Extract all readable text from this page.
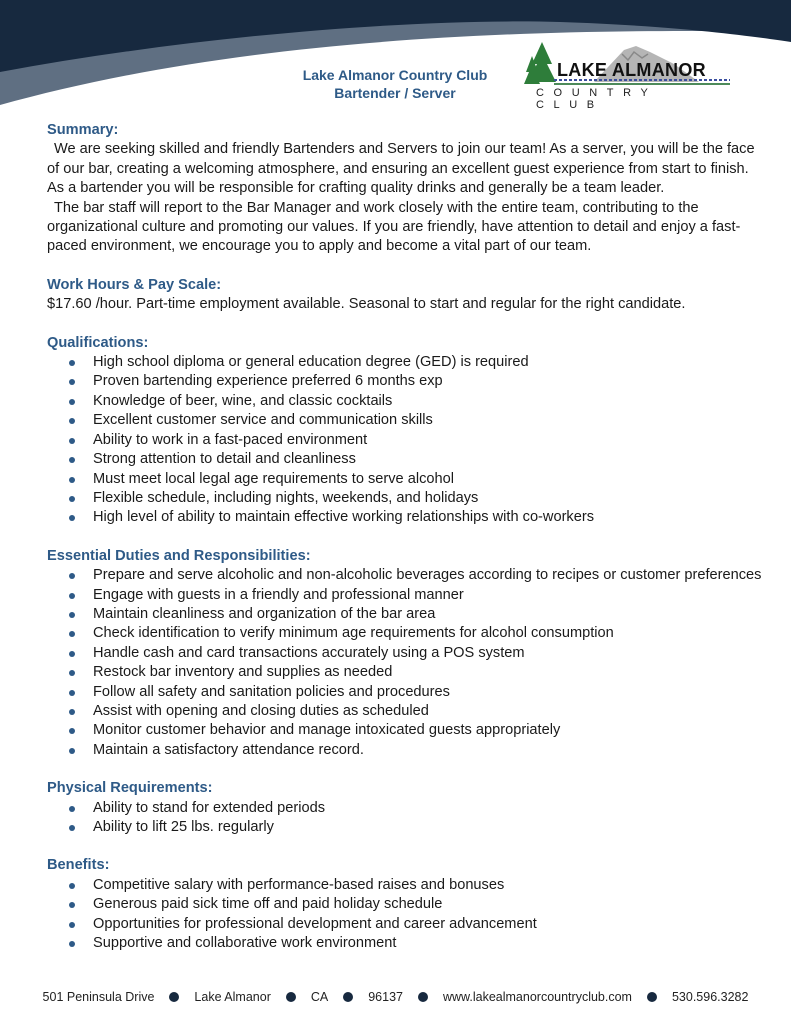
Lake Almanor Country Club
Bartender / Server
LAKE ALMANOR
COUNTRY CLUB
Summary:
We are seeking skilled and friendly Bartenders and Servers to join our team! As a server, you will be the face of our bar, creating a welcoming atmosphere, and ensuring an excellent guest experience from start to finish. As a bartender you will be responsible for crafting quality drinks and generally be a team leader.
The bar staff will report to the Bar Manager and work closely with the entire team, contributing to the organizational culture and promoting our values. If you are friendly, have attention to detail and enjoy a fast-paced environment, we encourage you to apply and become a vital part of our team.
Work Hours & Pay Scale:
$17.60 /hour. Part-time employment available. Seasonal to start and regular for the right candidate.
Qualifications:
High school diploma or general education degree (GED) is required
Proven bartending experience preferred 6 months exp
Knowledge of beer, wine, and classic cocktails
Excellent customer service and communication skills
Ability to work in a fast-paced environment
Strong attention to detail and cleanliness
Must meet local legal age requirements to serve alcohol
Flexible schedule, including nights, weekends, and holidays
High level of ability to maintain effective working relationships with co-workers
Essential Duties and Responsibilities:
Prepare and serve alcoholic and non-alcoholic beverages according to recipes or customer preferences
Engage with guests in a friendly and professional manner
Maintain cleanliness and organization of the bar area
Check identification to verify minimum age requirements for alcohol consumption
Handle cash and card transactions accurately using a POS system
Restock bar inventory and supplies as needed
Follow all safety and sanitation policies and procedures
Assist with opening and closing duties as scheduled
Monitor customer behavior and manage intoxicated guests appropriately
Maintain a satisfactory attendance record.
Physical Requirements:
Ability to stand for extended periods
Ability to lift 25 lbs. regularly
Benefits:
Competitive salary with performance-based raises and bonuses
Generous paid sick time off and paid holiday schedule
Opportunities for professional development and career advancement
Supportive and collaborative work environment
501 Peninsula Drive	Lake Almanor	CA	96137	www.lakealmanorcountryclub.com	530.596.3282
